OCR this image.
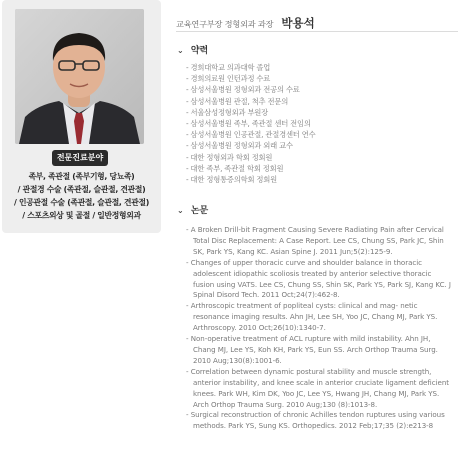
전문진료분야
족부, 족관절 (족부기형, 당뇨족)
/ 관절경 수술 (족관절, 슬관절, 견관절)
/ 인공관절 수술 (족관절, 슬관절, 견관절)
/ 스포츠외상 및 골절 / 일반정형외과
교육연구부장 정형외과 과장 박용석
⌄ 약력
- 경희대학교 의과대학 졸업
- 경희의료원 인턴과정 수료
- 삼성서울병원 정형외과 전공의 수료
- 삼성서울병원 관절, 척추 전문의
- 서울삼성정형외과 부원장
- 삼성서울병원 족부, 족관절 센터 전임의
- 삼성서울병원 인공관절, 관절경센터 연수
- 삼성서울병원 정형외과 외래 교수
- 대한 정형외과 학회 정회원
- 대한 족부, 족관절 학회 정회원
- 대한 정형통증의학회 정회원
⌄ 논문
- A Broken Drill-bit Fragment Causing Severe Radiating Pain after Cervical Total Disc Replacement: A Case Report. Lee CS, Chung SS, Park JC, Shin SK, Park YS, Kang KC. Asian Spine J. 2011 Jun;5(2):125-9.
- Changes of upper thoracic curve and shoulder balance in thoracic adolescent idiopathic scoliosis treated by anterior selective thoracic fusion using VATS. Lee CS, Chung SS, Shin SK, Park YS, Park SJ, Kang KC. J Spinal Disord Tech. 2011 Oct;24(7):462-8.
- Arthroscopic treatment of popliteal cysts: clinical and mag- netic resonance imaging results. Ahn JH, Lee SH, Yoo JC, Chang MJ, Park YS. Arthroscopy. 2010 Oct;26(10):1340-7.
- Non-operative treatment of ACL rupture with mild instability. Ahn JH, Chang MJ, Lee YS, Koh KH, Park YS, Eun SS. Arch Orthop Trauma Surg. 2010 Aug;130(8):1001-6.
- Correlation between dynamic postural stability and muscle strength, anterior instability, and knee scale in anterior cruciate ligament deficient knees. Park WH, Kim DK, Yoo JC, Lee YS, Hwang JH, Chang MJ, Park YS. Arch Orthop Trauma Surg. 2010 Aug;130 (8):1013-8.
- Surgical reconstruction of chronic Achilles tendon ruptures using various methods. Park YS, Sung KS. Orthopedics. 2012 Feb;17;35 (2):e213-8
